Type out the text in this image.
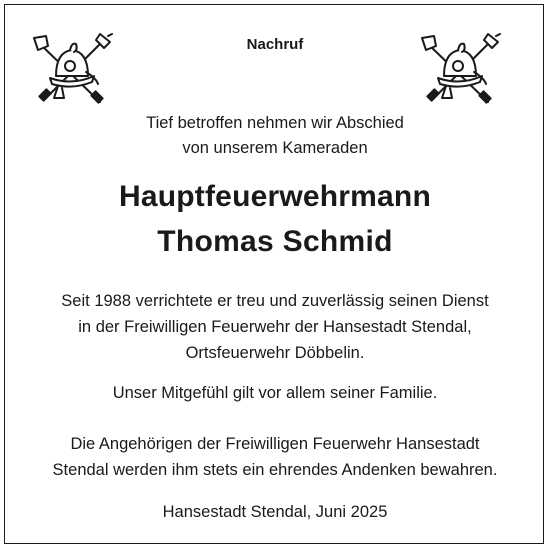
Nachruf
Tief betroffen nehmen wir Abschied
von unserem Kameraden
Hauptfeuerwehrmann
Thomas Schmid
Seit 1988 verrichtete er treu und zuverlässig seinen Dienst
in der Freiwilligen Feuerwehr der Hansestadt Stendal,
Ortsfeuerwehr Döbbelin.
Unser Mitgefühl gilt vor allem seiner Familie.
Die Angehörigen der Freiwilligen Feuerwehr Hansestadt
Stendal werden ihm stets ein ehrendes Andenken bewahren.
Hansestadt Stendal, Juni 2025
